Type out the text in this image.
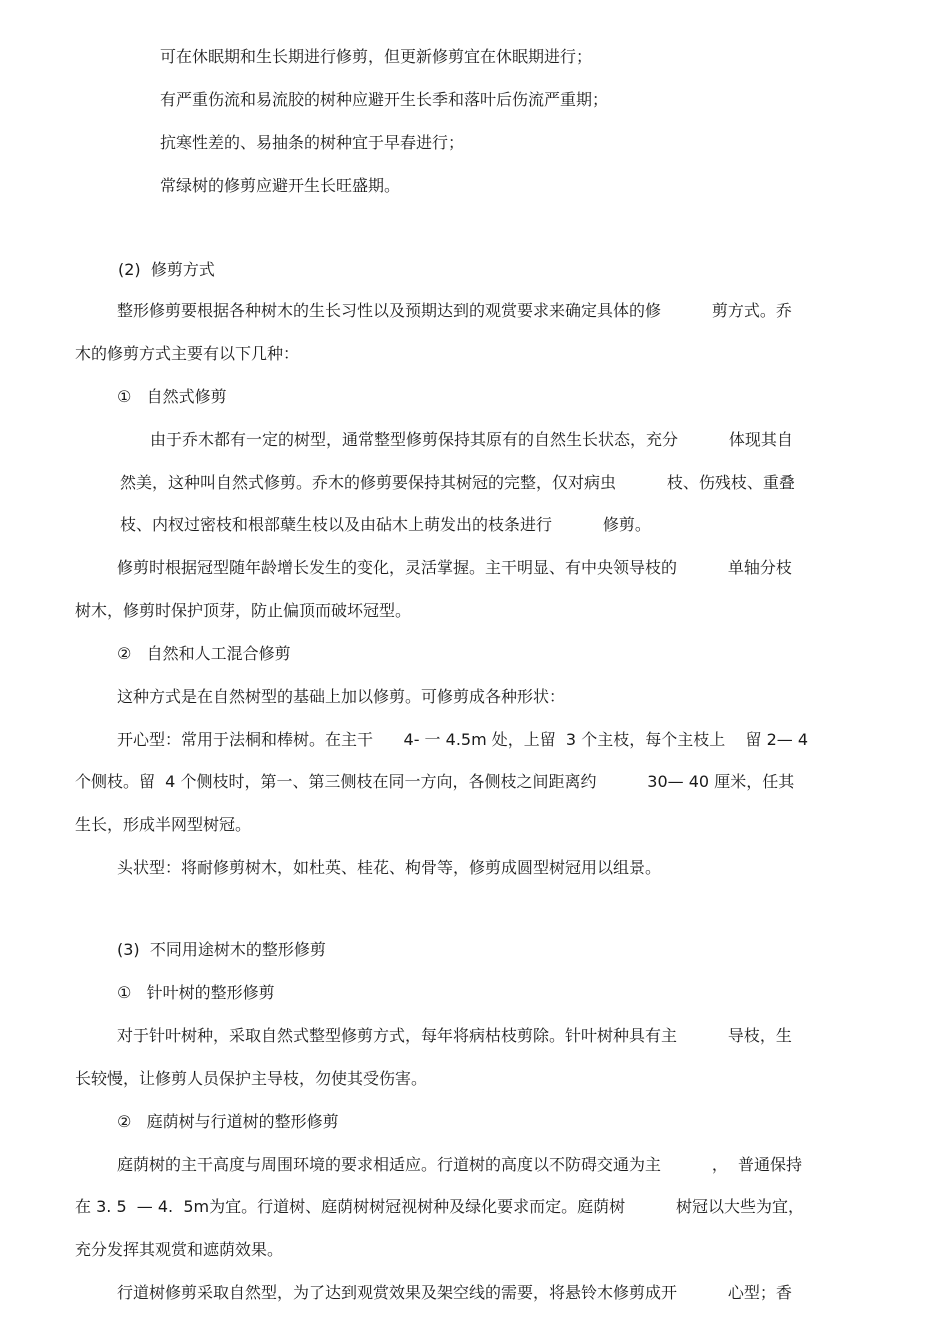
可在休眠期和生长期进行修剪，但更新修剪宜在休眠期进行；
有严重伤流和易流胶的树种应避开生长季和落叶后伤流严重期；
抗寒性差的、易抽条的树种宜于早春进行；
常绿树的修剪应避开生长旺盛期。
(2)  修剪方式
整形修剪要根据各种树木的生长习性以及预期达到的观赏要求来确定具体的修          剪方式。乔
木的修剪方式主要有以下几种：
①   自然式修剪
由于乔木都有一定的树型，通常整型修剪保持其原有的自然生长状态，充分          体现其自
然美，这种叫自然式修剪。乔木的修剪要保持其树冠的完整，仅对病虫          枝、伤残枝、重叠
枝、内杈过密枝和根部蘖生枝以及由砧木上萌发出的枝条进行          修剪。
修剪时根据冠型随年龄增长发生的变化，灵活掌握。主干明显、有中央领导枝的          单轴分枝
树木，修剪时保护顶芽，防止偏顶而破坏冠型。
②   自然和人工混合修剪
这种方式是在自然树型的基础上加以修剪。可修剪成各种形状：
开心型：常用于法桐和棒树。在主干      4- 一 4.5m 处，上留  3 个主枝，每个主枝上    留 2— 4
个侧枝。留  4 个侧枝时，第一、第三侧枝在同一方向，各侧枝之间距离约          30— 40 厘米，任其
生长，形成半网型树冠。
头状型：将耐修剪树木，如杜英、桂花、枸骨等，修剪成圆型树冠用以组景。
(3)  不同用途树木的整形修剪
①   针叶树的整形修剪
对于针叶树种，采取自然式整型修剪方式，每年将病枯枝剪除。针叶树种具有主          导枝，生
长较慢，让修剪人员保护主导枝，勿使其受伤害。
②   庭荫树与行道树的整形修剪
庭荫树的主干高度与周围环境的要求相适应。行道树的高度以不防碍交通为主          ，  普通保持
在 3. 5  — 4.  5m为宜。行道树、庭荫树树冠视树种及绿化要求而定。庭荫树          树冠以大些为宜，
充分发挥其观赏和遮荫效果。
行道树修剪采取自然型，为了达到观赏效果及架空线的需要，将悬铃木修剪成开          心型；香
